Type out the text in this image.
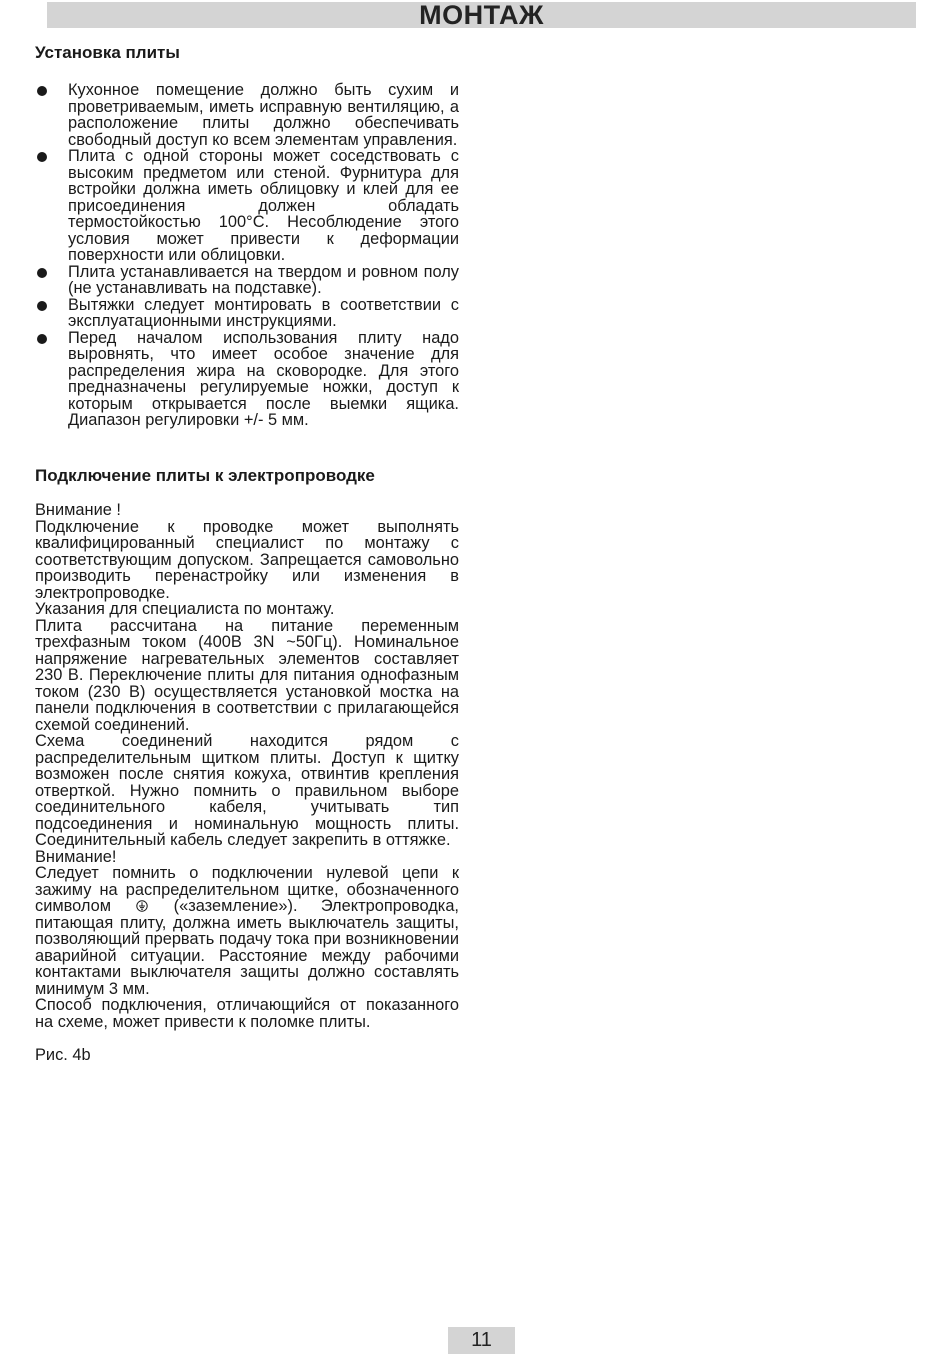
МОНТАЖ

Установка плиты

Кухонное помещение должно быть сухим и проветриваемым, иметь исправную вентиляцию, а расположение плиты должно обеспечивать свободный доступ ко всем элементам управления.
Плита с одной стороны может соседствовать с высоким предметом или стеной. Фурнитура для встройки должна иметь облицовку и клей для ее присоединения должен обладать термостойкостью 100°С. Несоблюдение этого условия может привести к деформации поверхности или облицовки.
Плита устанавливается на твердом и ровном полу (не устанавливать на подставке).
Вытяжки следует монтировать в соответствии с эксплуатационными инструкциями.
Перед началом использования плиту надо выровнять, что имеет особое значение для распределения жира на сковородке. Для этого предназначены регулируемые ножки, доступ к которым открывается после выемки ящика. Диапазон регулировки +/- 5 мм.

Подключение плиты к электропроводке

Внимание !

Подключение к проводке может выполнять квалифицированный специалист по монтажу с соответствующим допуском. Запрещается самовольно производить перенастройку или изменения в электропроводке.

Указания для специалиста по монтажу.

Плита рассчитана на питание переменным трехфазным током (400В 3N ~50Гц). Номинальное напряжение нагревательных элементов составляет 230 В. Переключение плиты для питания однофазным током (230 В) осуществляется установкой мостка на панели подключения в соответствии с прилагающейся схемой соединений.

Схема соединений находится рядом с распределительным щитком плиты. Доступ к щитку возможен после снятия кожуха, отвинтив крепления отверткой. Нужно помнить о правильном выборе соединительного кабеля, учитывать тип подсоединения и номинальную мощность плиты. Соединительный кабель следует закрепить в оттяжке.

Внимание!

Следует помнить о подключении нулевой цепи к зажиму на распределительном щитке, обозначенного символом	(«заземление»). Электропроводка, питающая плиту, должна иметь выключатель защиты, позволяющий прервать подачу тока при возникновении аварийной ситуации. Расстояние между рабочими контактами выключателя защиты должно составлять минимум 3 мм.

Способ подключения, отличающийся от показанного на схеме, может привести к поломке плиты.

Рис. 4b

11
